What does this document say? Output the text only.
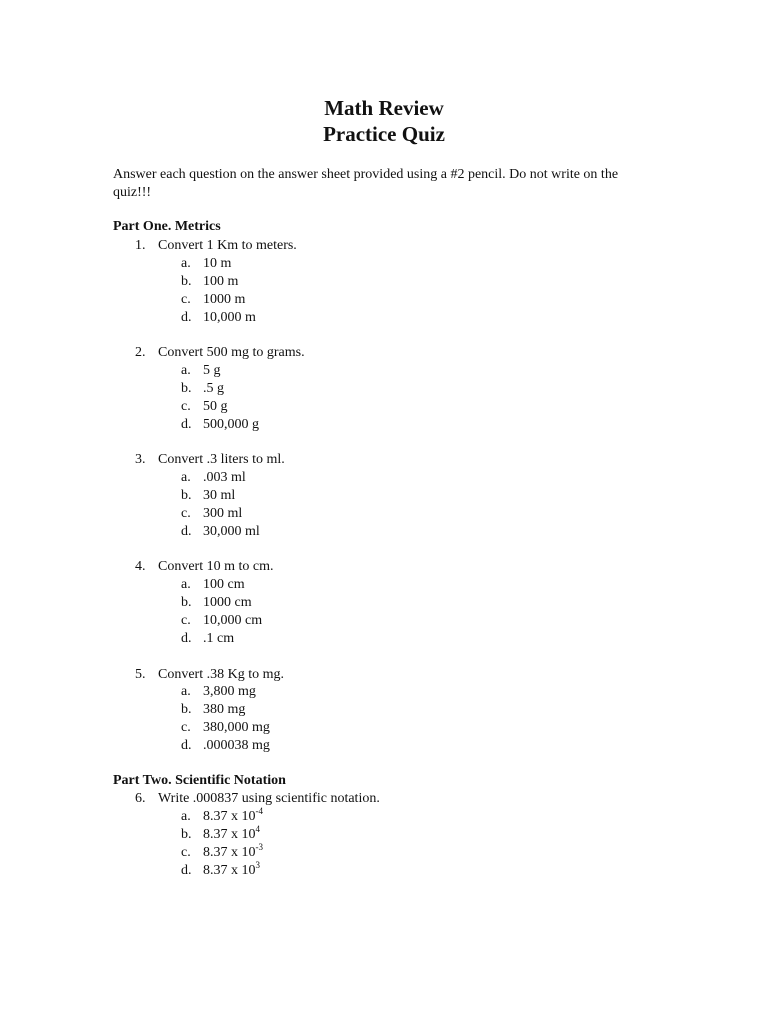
Math Review
Practice Quiz
Answer each question on the answer sheet provided using a #2 pencil. Do not write on the quiz!!!
Part One. Metrics
1. Convert 1 Km to meters.
a. 10 m
b. 100 m
c. 1000 m
d. 10,000 m
2. Convert 500 mg to grams.
a. 5 g
b. .5 g
c. 50 g
d. 500,000 g
3. Convert .3 liters to ml.
a. .003 ml
b. 30 ml
c. 300 ml
d. 30,000 ml
4. Convert 10 m to cm.
a. 100 cm
b. 1000 cm
c. 10,000 cm
d. .1 cm
5. Convert .38 Kg to mg.
a. 3,800 mg
b. 380 mg
c. 380,000 mg
d. .000038 mg
Part Two. Scientific Notation
6. Write .000837 using scientific notation.
a. 8.37 x $10^{-4}$
b. 8.37 x $10^4$
c. 8.37 x $10^{-3}$
d. 8.37 x $10^3$
